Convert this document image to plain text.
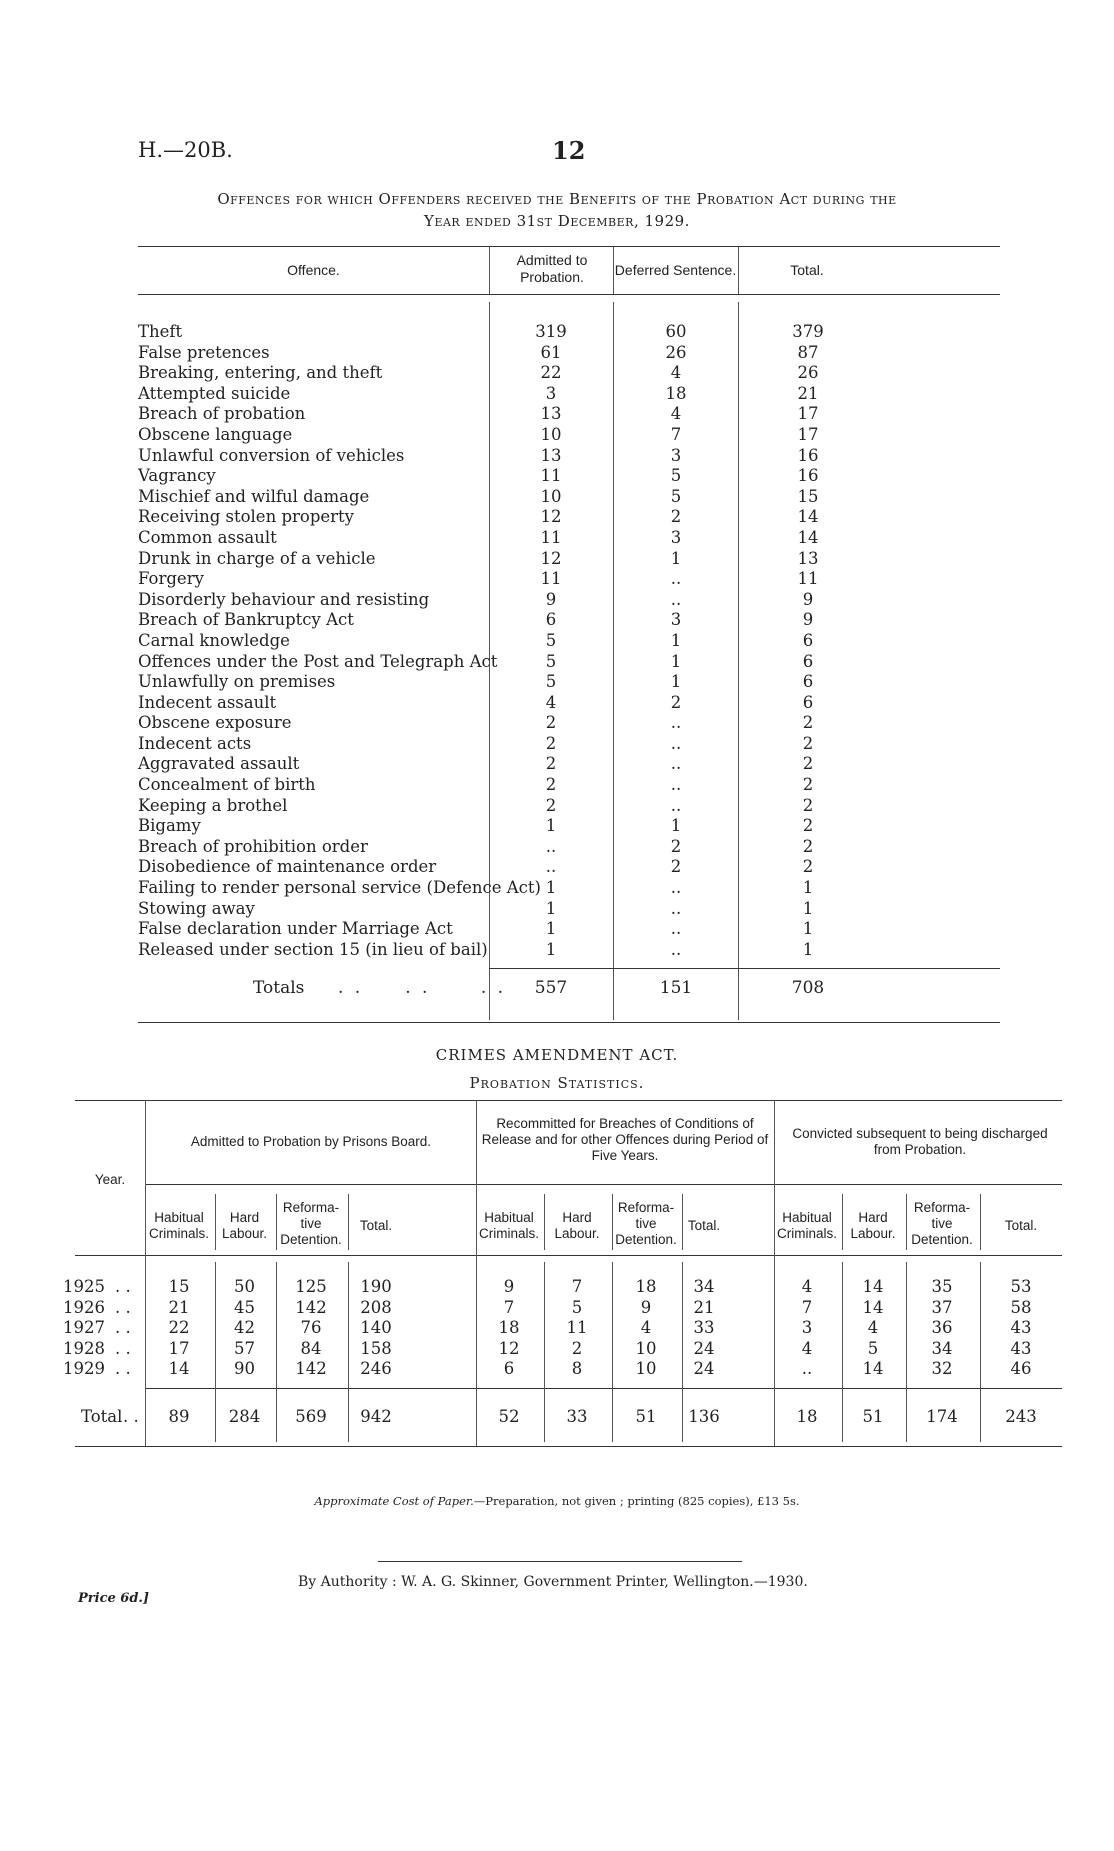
H.—20B.	12
Offences for which Offenders received the Benefits of the Probation Act during the
Year ended 31st December, 1929.
Offence.
Admitted to Probation.	Deferred Sentence.	Total.
Theft	319	60	379
False pretences	61	26	87
Breaking, entering, and theft	22	4	26
Attempted suicide	3	18	21
Breach of probation	13	4	17
Obscene language	10	7	17
Unlawful conversion of vehicles	13	3	16
Vagrancy	11	5	16
Mischief and wilful damage	10	5	15
Receiving stolen property	12	2	14
Common assault	11	3	14
Drunk in charge of a vehicle	12	1	13
Forgery	11	..	11
Disorderly behaviour and resisting	9	..	9
Breach of Bankruptcy Act	6	3	9
Carnal knowledge	5	1	6
Offences under the Post and Telegraph Act	5	1	6
Unlawfully on premises	5	1	6
Indecent assault	4	2	6
Obscene exposure	2	..	2
Indecent acts	2	..	2
Aggravated assault	2	..	2
Concealment of birth	2	..	2
Keeping a brothel	2	..	2
Bigamy	1	1	2
Breach of prohibition order	..	2	2
Disobedience of maintenance order	..	2	2
Failing to render personal service (Defence Act) 1	..	1
Stowing away	1	..	1
False declaration under Marriage Act	1	..	1
Released under section 15 (in lieu of bail)	1	..	1
Totals . .     . .      . .	557	151	708
CRIMES AMENDMENT ACT.
Probation Statistics.
Year.
Admitted to Probation by Prisons Board.
Recommitted for Breaches of Conditions of Release and for other Offences during Period of Five Years.
Convicted subsequent to being discharged from Probation.
Habitual Criminals.
Hard Labour.
Reforma- tive Detention.
Total.
Habitual Criminals.
Hard Labour.
Reforma- tive Detention.
Total.
Habitual Criminals.
Hard Labour.
Reforma- tive Detention.
Total.
1925 . .	15	50	125	190	9	7	18	34	4	14	35	53
1926 . .	21	45	142	208	7	5	9	21	7	14	37	58
1927 . .	22	42	76	140	18	11	4	33	3	4	36	43
1928 . .	17	57	84	158	12	2	10	24	4	5	34	43
1929 . .	14	90	142	246	6	8	10	24	..	14	32	46
Total . .	89	284	569	942	52	33	51	136	18	51	174	243
Approximate Cost of Paper.—Preparation, not given ; printing (825 copies), £13 5s.
By Authority : W. A. G. Skinner, Government Printer, Wellington.—1930.
Price 6d.]
